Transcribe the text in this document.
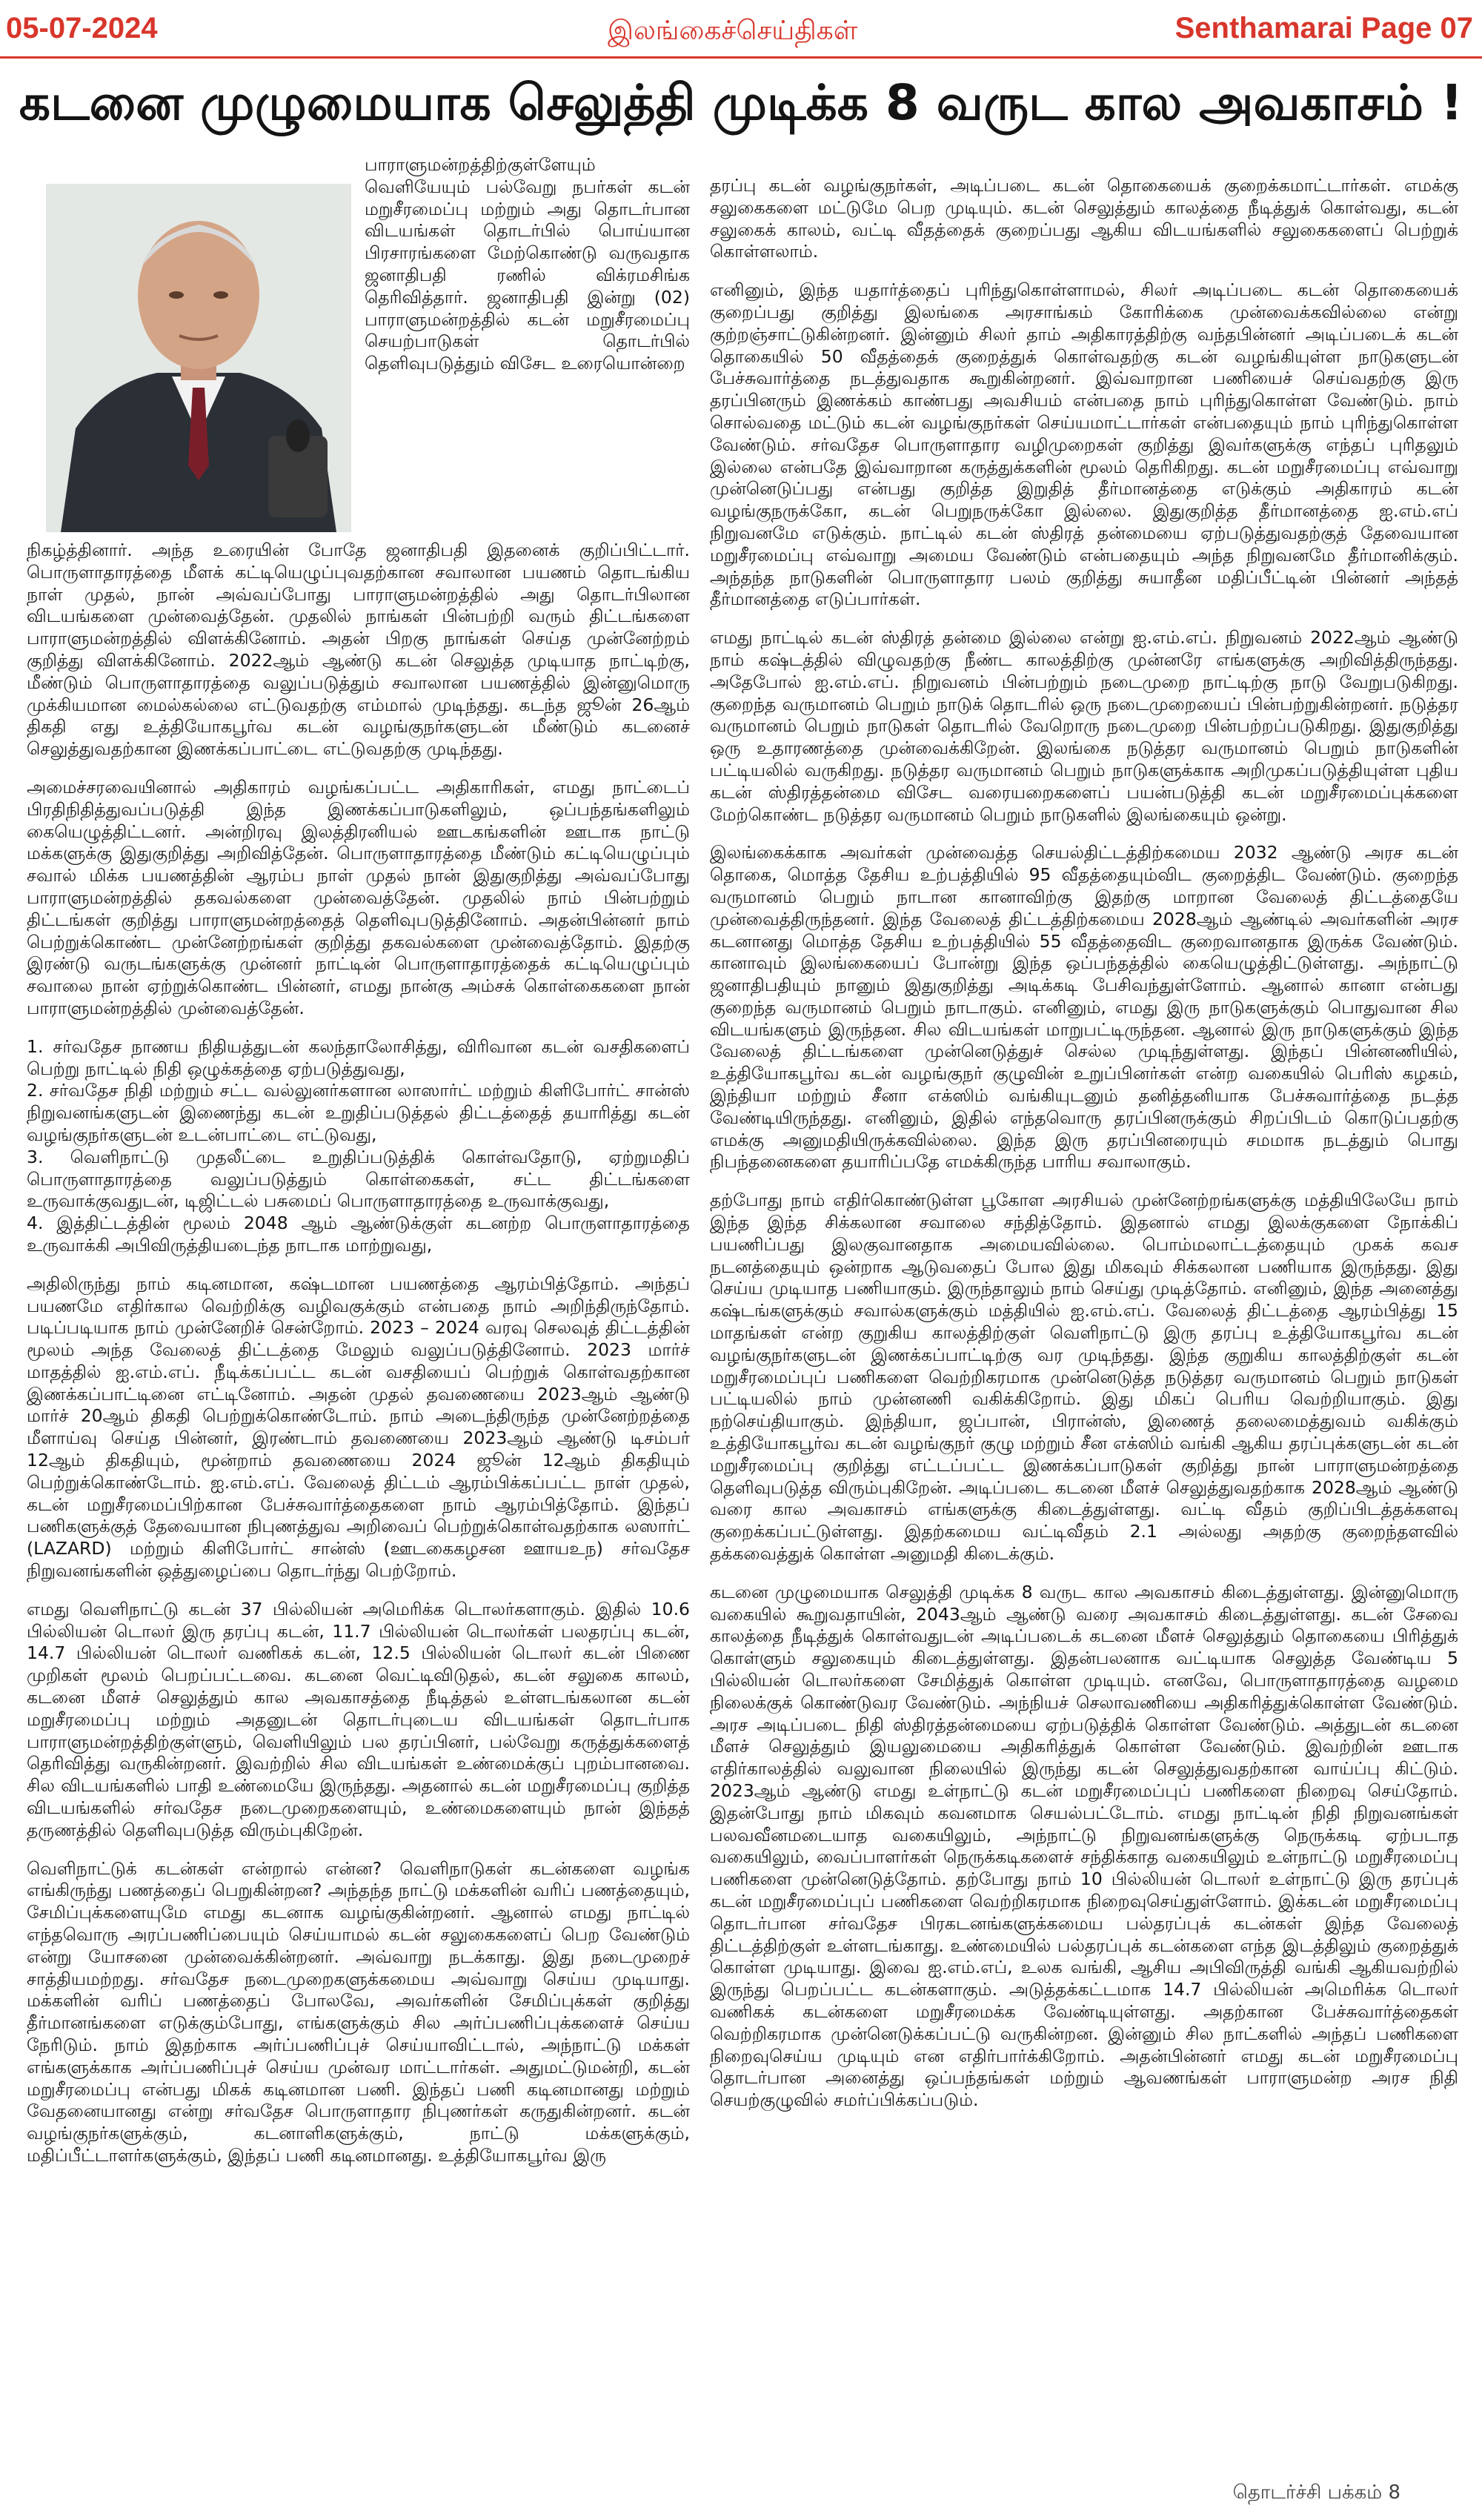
05-07-2024	இலங்கைச்செய்திகள்	Senthamarai Page 07
கடனை முழுமையாக செலுத்தி முடிக்க 8 வருட கால அவகாசம் !
பாராளுமன்றத்திற்குள்ளேயும் வெளியேயும் பல்வேறு நபர்கள் கடன் மறுசீரமைப்பு மற்றும் அது தொடர்பான விடயங்கள் தொடர்பில் பொய்யான பிரசாரங்களை மேற்கொண்டு வருவதாக ஜனாதிபதி ரணில் விக்ரமசிங்க தெரிவித்தார். ஜனாதிபதி இன்று (02) பாராளுமன்றத்தில் கடன் மறுசீரமைப்பு செயற்பாடுகள் தொடர்பில் தெளிவுபடுத்தும் விசேட உரையொன்றை

நிகழ்த்தினார். அந்த உரையின் போதே ஜனாதிபதி இதனைக் குறிப்பிட்டார். பொருளாதாரத்தை மீளக் கட்டியெழுப்புவதற்கான சவாலான பயணம் தொடங்கிய நாள் முதல், நான் அவ்வப்போது பாராளுமன்றத்தில் அது தொடர்பிலான விடயங்களை முன்வைத்தேன். முதலில் நாங்கள் பின்பற்றி வரும் திட்டங்களை பாராளுமன்றத்தில் விளக்கினோம். அதன் பிறகு நாங்கள் செய்த முன்னேற்றம் குறித்து விளக்கினோம். 2022ஆம் ஆண்டு கடன் செலுத்த முடியாத நாட்டிற்கு, மீண்டும் பொருளாதாரத்தை வலுப்படுத்தும் சவாலான பயணத்தில் இன்னுமொரு முக்கியமான மைல்கல்லை எட்டுவதற்கு எம்மால் முடிந்தது. கடந்த ஜூன் 26ஆம் திகதி எது உத்தியோகபூர்வ கடன் வழங்குநர்களுடன் மீண்டும் கடனைச் செலுத்துவதற்கான இணக்கப்பாட்டை எட்டுவதற்கு முடிந்தது.

அமைச்சரவையினால் அதிகாரம் வழங்கப்பட்ட அதிகாரிகள், எமது நாட்டைப் பிரதிநிதித்துவப்படுத்தி இந்த இணக்கப்பாடுகளிலும், ஒப்பந்தங்களிலும் கையெழுத்திட்டனர். அன்றிரவு இலத்திரனியல் ஊடகங்களின் ஊடாக நாட்டு மக்களுக்கு இதுகுறித்து அறிவித்தேன். பொருளாதாரத்தை மீண்டும் கட்டியெழுப்பும் சவால் மிக்க பயணத்தின் ஆரம்ப நாள் முதல் நான் இதுகுறித்து அவ்வப்போது பாராளுமன்றத்தில் தகவல்களை முன்வைத்தேன். முதலில் நாம் பின்பற்றும் திட்டங்கள் குறித்து பாராளுமன்றத்தைத் தெளிவுபடுத்தினோம். அதன்பின்னர் நாம் பெற்றுக்கொண்ட முன்னேற்றங்கள் குறித்து தகவல்களை முன்வைத்தோம். இதற்கு இரண்டு வருடங்களுக்கு முன்னர் நாட்டின் பொருளாதாரத்தைக் கட்டியெழுப்பும் சவாலை நான் ஏற்றுக்கொண்ட பின்னர், எமது நான்கு அம்சக் கொள்கைகளை நான் பாராளுமன்றத்தில் முன்வைத்தேன்.

1. சர்வதேச நாணய நிதியத்துடன் கலந்தாலோசித்து, விரிவான கடன் வசதிகளைப் பெற்று நாட்டில் நிதி ஒழுக்கத்தை ஏற்படுத்துவது,
2. சர்வதேச நிதி மற்றும் சட்ட வல்லுனர்களான லாஸார்ட் மற்றும் கிளிபோர்ட் சான்ஸ் நிறுவனங்களுடன் இணைந்து கடன் உறுதிப்படுத்தல் திட்டத்தைத் தயாரித்து கடன் வழங்குநர்களுடன் உடன்பாட்டை எட்டுவது,
3. வெளிநாட்டு முதலீட்டை உறுதிப்படுத்திக் கொள்வதோடு, ஏற்றுமதிப் பொருளாதாரத்தை வலுப்படுத்தும் கொள்கைகள், சட்ட திட்டங்களை உருவாக்குவதுடன், டிஜிட்டல் பசுமைப் பொருளாதாரத்தை உருவாக்குவது,
4. இத்திட்டத்தின் மூலம் 2048 ஆம் ஆண்டுக்குள் கடனற்ற பொருளாதாரத்தை உருவாக்கி அபிவிருத்தியடைந்த நாடாக மாற்றுவது,

அதிலிருந்து நாம் கடினமான, கஷ்டமான பயணத்தை ஆரம்பித்தோம். அந்தப் பயணமே எதிர்கால வெற்றிக்கு வழிவகுக்கும் என்பதை நாம் அறிந்திருந்தோம். படிப்படியாக நாம் முன்னேறிச் சென்றோம். 2023 – 2024 வரவு செலவுத் திட்டத்தின் மூலம் அந்த வேலைத் திட்டத்தை மேலும் வலுப்படுத்தினோம். 2023 மார்ச் மாதத்தில் ஐ.எம்.எப். நீடிக்கப்பட்ட கடன் வசதியைப் பெற்றுக் கொள்வதற்கான இணக்கப்பாட்டினை எட்டினோம். அதன் முதல் தவணையை 2023ஆம் ஆண்டு மார்ச் 20ஆம் திகதி பெற்றுக்கொண்டோம். நாம் அடைந்திருந்த முன்னேற்றத்தை மீளாய்வு செய்த பின்னர், இரண்டாம் தவணையை 2023ஆம் ஆண்டு டிசம்பர் 12ஆம் திகதியும், மூன்றாம் தவணையை 2024 ஜூன் 12ஆம் திகதியும் பெற்றுக்கொண்டோம். ஐ.எம்.எப். வேலைத் திட்டம் ஆரம்பிக்கப்பட்ட நாள் முதல், கடன் மறுசீரமைப்பிற்கான பேச்சுவார்த்தைகளை நாம் ஆரம்பித்தோம். இந்தப் பணிகளுக்குத் தேவையான நிபுணத்துவ அறிவைப் பெற்றுக்கொள்வதற்காக லஸார்ட் (LAZARD) மற்றும் கிளிபோர்ட் சான்ஸ் (ஊடகைகழசன ஊாயஉந) சர்வதேச நிறுவனங்களின் ஒத்துழைப்பை தொடர்ந்து பெற்றோம்.

எமது வெளிநாட்டு கடன் 37 பில்லியன் அமெரிக்க டொலர்களாகும். இதில் 10.6 பில்லியன் டொலர் இரு தரப்பு கடன், 11.7 பில்லியன் டொலர்கள் பலதரப்பு கடன், 14.7 பில்லியன் டொலர் வணிகக் கடன், 12.5 பில்லியன் டொலர் கடன் பிணை முறிகள் மூலம் பெறப்பட்டவை. கடனை வெட்டிவிடுதல், கடன் சலுகை காலம், கடனை மீளச் செலுத்தும் கால அவகாசத்தை நீடித்தல் உள்ளடங்கலான கடன் மறுசீரமைப்பு மற்றும் அதனுடன் தொடர்புடைய விடயங்கள் தொடர்பாக பாராளுமன்றத்திற்குள்ளும், வெளியிலும் பல தரப்பினர், பல்வேறு கருத்துக்களைத் தெரிவித்து வருகின்றனர். இவற்றில் சில விடயங்கள் உண்மைக்குப் புறம்பானவை. சில விடயங்களில் பாதி உண்மையே இருந்தது. அதனால் கடன் மறுசீரமைப்பு குறித்த விடயங்களில் சர்வதேச நடைமுறைகளையும், உண்மைகளையும் நான் இந்தத் தருணத்தில் தெளிவுபடுத்த விரும்புகிறேன்.

வெளிநாட்டுக் கடன்கள் என்றால் என்ன? வெளிநாடுகள் கடன்களை வழங்க எங்கிருந்து பணத்தைப் பெறுகின்றன? அந்தந்த நாட்டு மக்களின் வரிப் பணத்தையும், சேமிப்புக்களையுமே எமது கடனாக வழங்குகின்றனர். ஆனால் எமது நாட்டில் எந்தவொரு அரப்பணிப்பையும் செய்யாமல் கடன் சலுகைகளைப் பெற வேண்டும் என்று யோசனை முன்வைக்கின்றனர். அவ்வாறு நடக்காது. இது நடைமுறைச் சாத்தியமற்றது. சர்வதேச நடைமுறைகளுக்கமைய அவ்வாறு செய்ய முடியாது. மக்களின் வரிப் பணத்தைப் போலவே, அவர்களின் சேமிப்புக்கள் குறித்து தீர்மானங்களை எடுக்கும்போது, எங்களுக்கும் சில அர்ப்பணிப்புக்களைச் செய்ய நேரிடும். நாம் இதற்காக அர்ப்பணிப்புச் செய்யாவிட்டால், அந்நாட்டு மக்கள் எங்களுக்காக அர்ப்பணிப்புச் செய்ய முன்வர மாட்டார்கள். அதுமட்டுமன்றி, கடன் மறுசீரமைப்பு என்பது மிகக் கடினமான பணி. இந்தப் பணி கடினமானது மற்றும் வேதனையானது என்று சர்வதேச பொருளாதார நிபுணர்கள் கருதுகின்றனர். கடன் வழங்குநர்களுக்கும், கடனாளிகளுக்கும், நாட்டு மக்களுக்கும், மதிப்பீட்டாளர்களுக்கும், இந்தப் பணி கடினமானது. உத்தியோகபூர்வ இரு

தரப்பு கடன் வழங்குநர்கள், அடிப்படை கடன் தொகையைக் குறைக்கமாட்டார்கள். எமக்கு சலுகைகளை மட்டுமே பெற முடியும். கடன் செலுத்தும் காலத்தை நீடித்துக் கொள்வது, கடன் சலுகைக் காலம், வட்டி வீதத்தைக் குறைப்பது ஆகிய விடயங்களில் சலுகைகளைப் பெற்றுக் கொள்ளலாம்.

எனினும், இந்த யதார்த்தைப் புரிந்துகொள்ளாமல், சிலர் அடிப்படை கடன் தொகையைக் குறைப்பது குறித்து இலங்கை அரசாங்கம் கோரிக்கை முன்வைக்கவில்லை என்று குற்றஞ்சாட்டுகின்றனர். இன்னும் சிலர் தாம் அதிகாரத்திற்கு வந்தபின்னர் அடிப்படைக் கடன் தொகையில் 50 வீதத்தைக் குறைத்துக் கொள்வதற்கு கடன் வழங்கியுள்ள நாடுகளுடன் பேச்சுவார்த்தை நடத்துவதாக கூறுகின்றனர். இவ்வாறான பணியைச் செய்வதற்கு இரு தரப்பினரும் இணக்கம் காண்பது அவசியம் என்பதை நாம் புரிந்துகொள்ள வேண்டும். நாம் சொல்வதை மட்டும் கடன் வழங்குநர்கள் செய்யமாட்டார்கள் என்பதையும் நாம் புரிந்துகொள்ள வேண்டும். சர்வதேச பொருளாதார வழிமுறைகள் குறித்து இவர்களுக்கு எந்தப் புரிதலும் இல்லை என்பதே இவ்வாறான கருத்துக்களின் மூலம் தெரிகிறது. கடன் மறுசீரமைப்பு எவ்வாறு முன்னெடுப்பது என்பது குறித்த இறுதித் தீர்மானத்தை எடுக்கும் அதிகாரம் கடன் வழங்குநருக்கோ, கடன் பெறுநருக்கோ இல்லை. இதுகுறித்த தீர்மானத்தை ஐ.எம்.எப் நிறுவனமே எடுக்கும். நாட்டில் கடன் ஸ்திரத் தன்மையை ஏற்படுத்துவதற்குத் தேவையான மறுசீரமைப்பு எவ்வாறு அமைய வேண்டும் என்பதையும் அந்த நிறுவனமே தீர்மானிக்கும். அந்தந்த நாடுகளின் பொருளாதார பலம் குறித்து சுயாதீன மதிப்பீட்டின் பின்னர் அந்தத் தீர்மானத்தை எடுப்பார்கள்.

எமது நாட்டில் கடன் ஸ்திரத் தன்மை இல்லை என்று ஐ.எம்.எப். நிறுவனம் 2022ஆம் ஆண்டு நாம் கஷ்டத்தில் விழுவதற்கு நீண்ட காலத்திற்கு முன்னரே எங்களுக்கு அறிவித்திருந்தது. அதேபோல் ஐ.எம்.எப். நிறுவனம் பின்பற்றும் நடைமுறை நாட்டிற்கு நாடு வேறுபடுகிறது. குறைந்த வருமானம் பெறும் நாடுக் தொடரில் ஒரு நடைமுறையைப் பின்பற்றுகின்றனர். நடுத்தர வருமானம் பெறும் நாடுகள் தொடரில் வேறொரு நடைமுறை பின்பற்றப்படுகிறது. இதுகுறித்து ஒரு உதாரணத்தை முன்வைக்கிறேன். இலங்கை நடுத்தர வருமானம் பெறும் நாடுகளின் பட்டியலில் வருகிறது. நடுத்தர வருமானம் பெறும் நாடுகளுக்காக அறிமுகப்படுத்தியுள்ள புதிய கடன் ஸ்திரத்தன்மை விசேட வரையறைகளைப் பயன்படுத்தி கடன் மறுசீரமைப்புக்களை மேற்கொண்ட நடுத்தர வருமானம் பெறும் நாடுகளில் இலங்கையும் ஒன்று.

இலங்கைக்காக அவர்கள் முன்வைத்த செயல்திட்டத்திற்கமைய 2032 ஆண்டு அரச கடன் தொகை, மொத்த தேசிய உற்பத்தியில் 95 வீதத்தையும்விட குறைத்திட வேண்டும். குறைந்த வருமானம் பெறும் நாடான கானாவிற்கு இதற்கு மாறான வேலைத் திட்டத்தையே முன்வைத்திருந்தனர். இந்த வேலைத் திட்டத்திற்கமைய 2028ஆம் ஆண்டில் அவர்களின் அரச கடனானது மொத்த தேசிய உற்பத்தியில் 55 வீதத்தைவிட குறைவானதாக இருக்க வேண்டும். கானாவும் இலங்கையைப் போன்று இந்த ஒப்பந்தத்தில் கையெழுத்திட்டுள்ளது. அந்நாட்டு ஜனாதிபதியும் நானும் இதுகுறித்து அடிக்கடி பேசிவந்துள்ளோம். ஆனால் கானா என்பது குறைந்த வருமானம் பெறும் நாடாகும். எனினும், எமது இரு நாடுகளுக்கும் பொதுவான சில விடயங்களும் இருந்தன. சில விடயங்கள் மாறுபட்டிருந்தன. ஆனால் இரு நாடுகளுக்கும் இந்த வேலைத் திட்டங்களை முன்னெடுத்துச் செல்ல முடிந்துள்ளது. இந்தப் பின்னணியில், உத்தியோகபூர்வ கடன் வழங்குநர் குழுவின் உறுப்பினர்கள் என்ற வகையில் பெரிஸ் கழகம், இந்தியா மற்றும் சீனா எக்ஸிம் வங்கியுடனும் தனித்தனியாக பேச்சுவார்த்தை நடத்த வேண்டியிருந்தது. எனினும், இதில் எந்தவொரு தரப்பினருக்கும் சிறப்பிடம் கொடுப்பதற்கு எமக்கு அனுமதியிருக்கவில்லை. இந்த இரு தரப்பினரையும் சமமாக நடத்தும் பொது நிபந்தனைகளை தயாரிப்பதே எமக்கிருந்த பாரிய சவாலாகும்.

தற்போது நாம் எதிர்கொண்டுள்ள பூகோள அரசியல் முன்னேற்றங்களுக்கு மத்தியிலேயே நாம் இந்த இந்த சிக்கலான சவாலை சந்தித்தோம். இதனால் எமது இலக்குகளை நோக்கிப் பயணிப்பது இலகுவானதாக அமையவில்லை. பொம்மலாட்டத்தையும் முகக் கவச நடனத்தையும் ஒன்றாக ஆடுவதைப் போல இது மிகவும் சிக்கலான பணியாக இருந்தது. இது செய்ய முடியாத பணியாகும். இருந்தாலும் நாம் செய்து முடித்தோம். எனினும், இந்த அனைத்து கஷ்டங்களுக்கும் சவால்களுக்கும் மத்தியில் ஐ.எம்.எப். வேலைத் திட்டத்தை ஆரம்பித்து 15 மாதங்கள் என்ற குறுகிய காலத்திற்குள் வெளிநாட்டு இரு தரப்பு உத்தியோகபூர்வ கடன் வழங்குநர்களுடன் இணக்கப்பாட்டிற்கு வர முடிந்தது. இந்த குறுகிய காலத்திற்குள் கடன் மறுசீரமைப்புப் பணிகளை வெற்றிகரமாக முன்னெடுத்த நடுத்தர வருமானம் பெறும் நாடுகள் பட்டியலில் நாம் முன்னணி வகிக்கிறோம். இது மிகப் பெரிய வெற்றியாகும். இது நற்செய்தியாகும். இந்தியா, ஜப்பான், பிரான்ஸ், இணைத் தலைமைத்துவம் வகிக்கும் உத்தியோகபூர்வ கடன் வழங்குநர் குழு மற்றும் சீன எக்ஸிம் வங்கி ஆகிய தரப்புக்களுடன் கடன் மறுசீரமைப்பு குறித்து எட்டப்பட்ட இணக்கப்பாடுகள் குறித்து நான் பாராளுமன்றத்தை தெளிவுபடுத்த விரும்புகிறேன். அடிப்படை கடனை மீளச் செலுத்துவதற்காக 2028ஆம் ஆண்டு வரை கால அவகாசம் எங்களுக்கு கிடைத்துள்ளது. வட்டி வீதம் குறிப்பிடத்தக்களவு குறைக்கப்பட்டுள்ளது. இதற்கமைய வட்டிவீதம் 2.1 அல்லது அதற்கு குறைந்தளவில் தக்கவைத்துக் கொள்ள அனுமதி கிடைக்கும்.

கடனை முழுமையாக செலுத்தி முடிக்க 8 வருட கால அவகாசம் கிடைத்துள்ளது. இன்னுமொரு வகையில் கூறுவதாயின், 2043ஆம் ஆண்டு வரை அவகாசம் கிடைத்துள்ளது. கடன் சேவை காலத்தை நீடித்துக் கொள்வதுடன் அடிப்படைக் கடனை மீளச் செலுத்தும் தொகையை பிரித்துக் கொள்ளும் சலுகையும் கிடைத்துள்ளது. இதன்பலனாக வட்டியாக செலுத்த வேண்டிய 5 பில்லியன் டொலர்களை சேமித்துக் கொள்ள முடியும். எனவே, பொருளாதாரத்தை வழமை நிலைக்குக் கொண்டுவர வேண்டும். அந்நியச் செலாவணியை அதிகரித்துக்கொள்ள வேண்டும். அரச அடிப்படை நிதி ஸ்திரத்தன்மையை ஏற்படுத்திக் கொள்ள வேண்டும். அத்துடன் கடனை மீளச் செலுத்தும் இயலுமையை அதிகரித்துக் கொள்ள வேண்டும். இவற்றின் ஊடாக எதிர்காலத்தில் வலுவான நிலையில் இருந்து கடன் செலுத்துவதற்கான வாய்ப்பு கிட்டும். 2023ஆம் ஆண்டு எமது உள்நாட்டு கடன் மறுசீரமைப்புப் பணிகளை நிறைவு செய்தோம். இதன்போது நாம் மிகவும் கவனமாக செயல்பட்டோம். எமது நாட்டின் நிதி நிறுவனங்கள் பலவவீனமடையாத வகையிலும், அந்நாட்டு நிறுவனங்களுக்கு நெருக்கடி ஏற்படாத வகையிலும், வைப்பாளர்கள் நெருக்கடிகளைச் சந்திக்காத வகையிலும் உள்நாட்டு மறுசீரமைப்பு பணிகளை முன்னெடுத்தோம். தற்போது நாம் 10 பில்லியன் டொலர் உள்நாட்டு இரு தரப்புக் கடன் மறுசீரமைப்புப் பணிகளை வெற்றிகரமாக நிறைவுசெய்துள்ளோம். இக்கடன் மறுசீரமைப்பு தொடர்பான சர்வதேச பிரகடனங்களுக்கமைய பல்தரப்புக் கடன்கள் இந்த வேலைத் திட்டத்திற்குள் உள்ளடங்காது. உண்மையில் பல்தரப்புக் கடன்களை எந்த இடத்திலும் குறைத்துக் கொள்ள முடியாது. இவை ஐ.எம்.எப், உலக வங்கி, ஆசிய அபிவிருத்தி வங்கி ஆகியவற்றில் இருந்து பெறப்பட்ட கடன்களாகும். அடுத்தக்கட்டமாக 14.7 பில்லியன் அமெரிக்க டொலர் வணிகக் கடன்களை மறுசீரமைக்க வேண்டியுள்ளது. அதற்கான பேச்சுவார்த்தைகள் வெற்றிகரமாக முன்னெடுக்கப்பட்டு வருகின்றன. இன்னும் சில நாட்களில் அந்தப் பணிகளை நிறைவுசெய்ய முடியும் என எதிர்பார்க்கிறோம். அதன்பின்னர் எமது கடன் மறுசீரமைப்பு தொடர்பான அனைத்து ஒப்பந்தங்கள் மற்றும் ஆவணங்கள் பாராளுமன்ற அரச நிதி செயற்குழுவில் சமர்ப்பிக்கப்படும்.

தொடர்ச்சி பக்கம் 8
